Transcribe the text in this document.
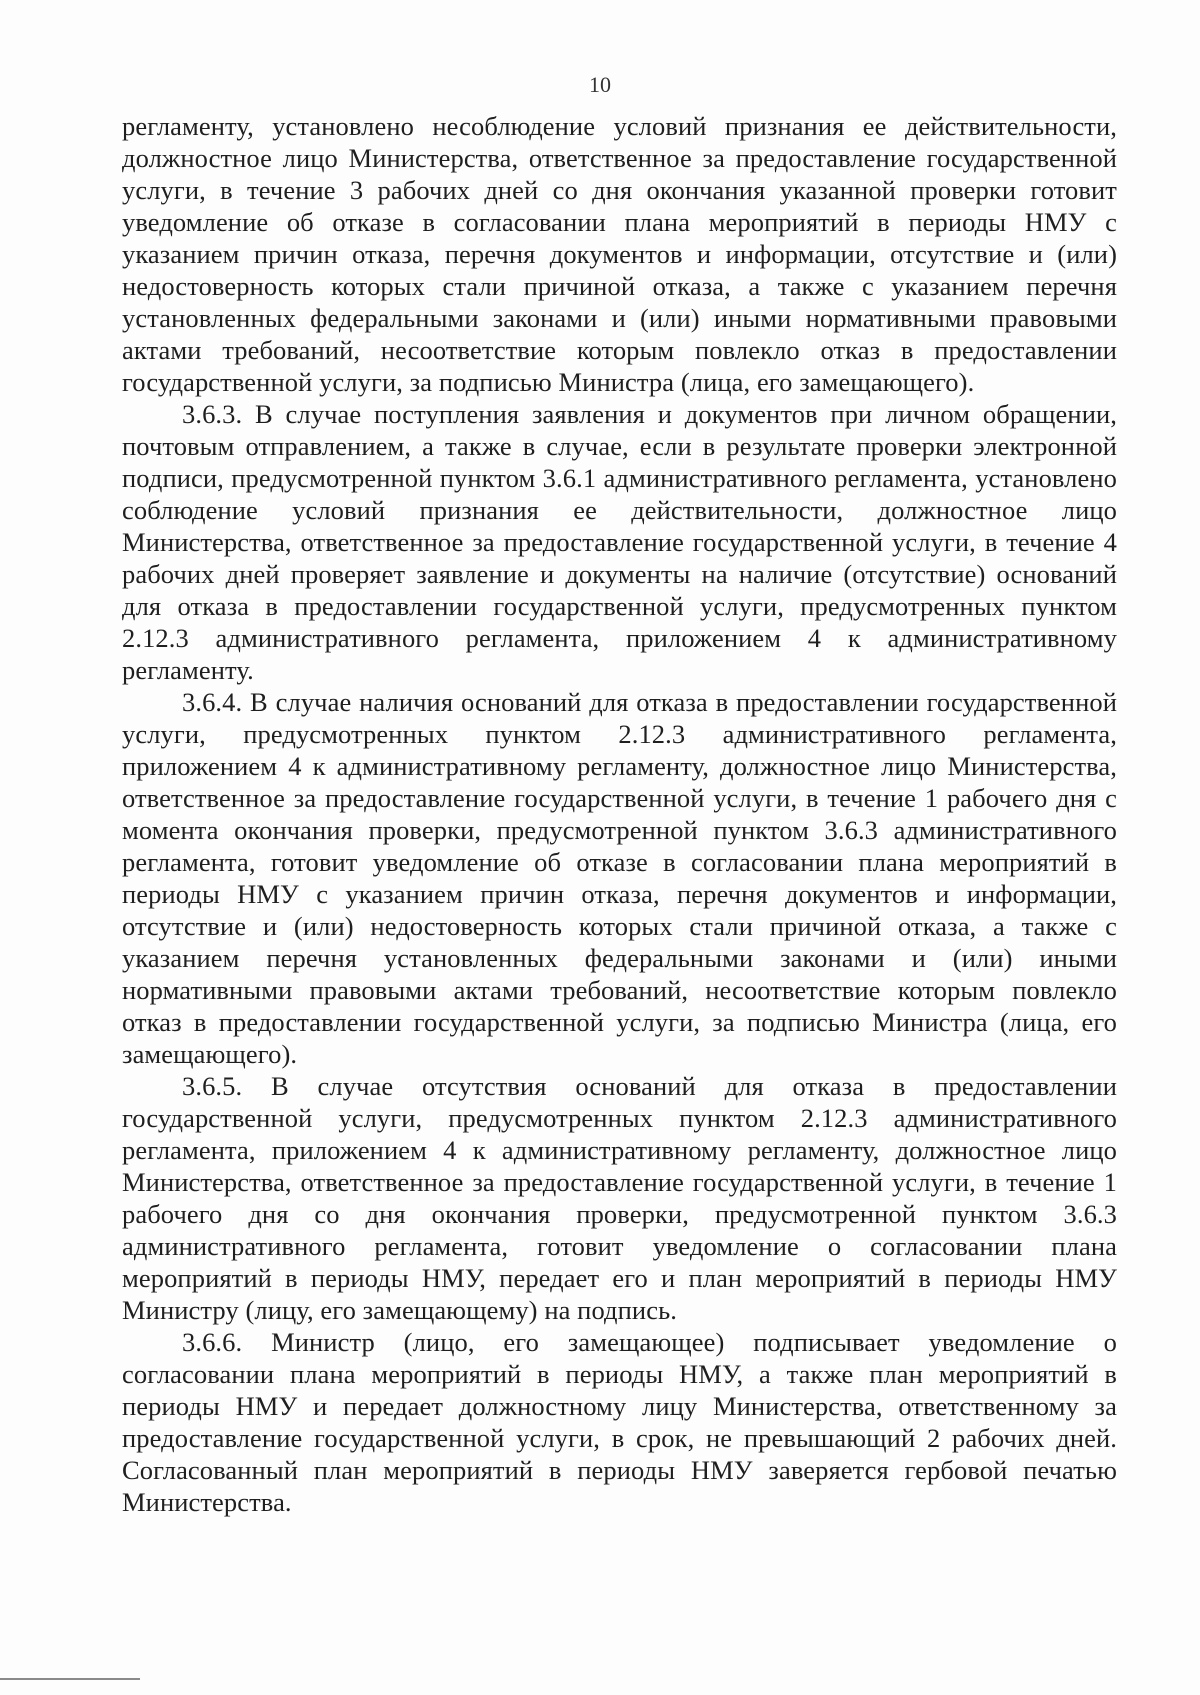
10

регламенту, установлено несоблюдение условий признания ее действительности, должностное лицо Министерства, ответственное за предоставление государственной услуги, в течение 3 рабочих дней со дня окончания указанной проверки готовит уведомление об отказе в согласовании плана мероприятий в периоды НМУ с указанием причин отказа, перечня документов и информации, отсутствие и (или) недостоверность которых стали причиной отказа, а также с указанием перечня установленных федеральными законами и (или) иными нормативными правовыми актами требований, несоответствие которым повлекло отказ в предоставлении государственной услуги, за подписью Министра (лица, его замещающего).

3.6.3. В случае поступления заявления и документов при личном обращении, почтовым отправлением, а также в случае, если в результате проверки электронной подписи, предусмотренной пунктом 3.6.1 административного регламента, установлено соблюдение условий признания ее действительности, должностное лицо Министерства, ответственное за предоставление государственной услуги, в течение 4 рабочих дней проверяет заявление и документы на наличие (отсутствие) оснований для отказа в предоставлении государственной услуги, предусмотренных пунктом 2.12.3 административного регламента, приложением 4 к административному регламенту.

3.6.4. В случае наличия оснований для отказа в предоставлении государственной услуги, предусмотренных пунктом 2.12.3 административного регламента, приложением 4 к административному регламенту, должностное лицо Министерства, ответственное за предоставление государственной услуги, в течение 1 рабочего дня с момента окончания проверки, предусмотренной пунктом 3.6.3 административного регламента, готовит уведомление об отказе в согласовании плана мероприятий в периоды НМУ с указанием причин отказа, перечня документов и информации, отсутствие и (или) недостоверность которых стали причиной отказа, а также с указанием перечня установленных федеральными законами и (или) иными нормативными правовыми актами требований, несоответствие которым повлекло отказ в предоставлении государственной услуги, за подписью Министра (лица, его замещающего).

3.6.5. В случае отсутствия оснований для отказа в предоставлении государственной услуги, предусмотренных пунктом 2.12.3 административного регламента, приложением 4 к административному регламенту, должностное лицо Министерства, ответственное за предоставление государственной услуги, в течение 1 рабочего дня со дня окончания проверки, предусмотренной пунктом 3.6.3 административного регламента, готовит уведомление о согласовании плана мероприятий в периоды НМУ, передает его и план мероприятий в периоды НМУ Министру (лицу, его замещающему) на подпись.

3.6.6. Министр (лицо, его замещающее) подписывает уведомление о согласовании плана мероприятий в периоды НМУ, а также план мероприятий в периоды НМУ и передает должностному лицу Министерства, ответственному за предоставление государственной услуги, в срок, не превышающий 2 рабочих дней. Согласованный план мероприятий в периоды НМУ заверяется гербовой печатью Министерства.
